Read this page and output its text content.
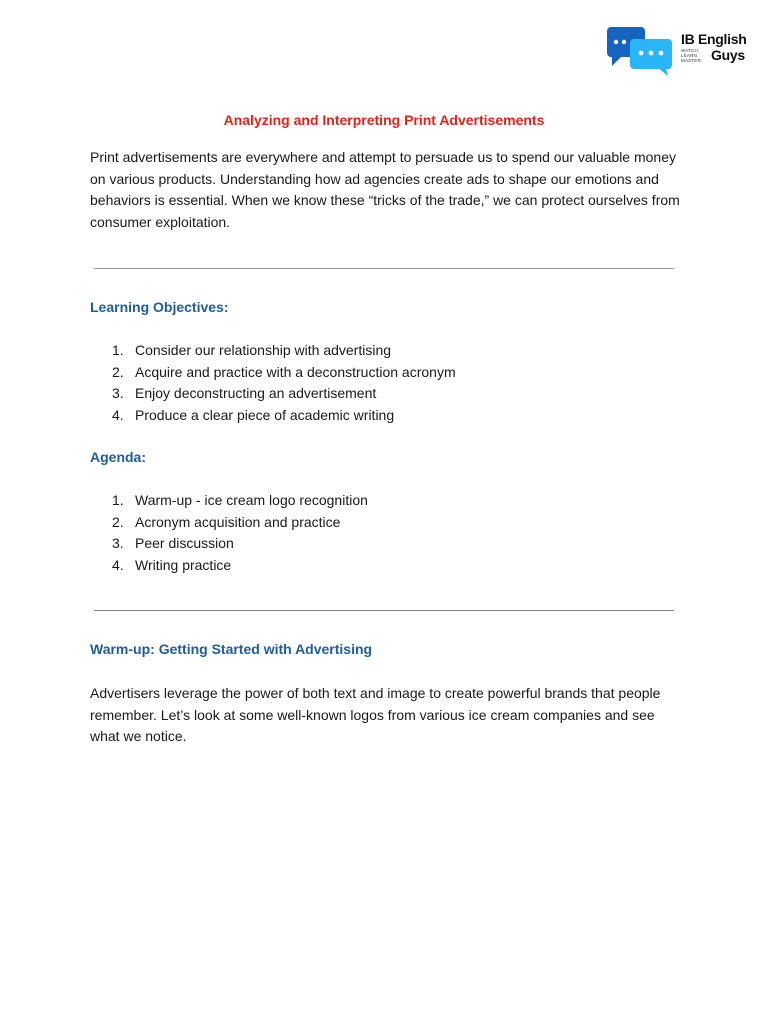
IB English
Guys
WATCH.
LEARN.
MASTER.
Analyzing and Interpreting Print Advertisements
Print advertisements are everywhere and attempt to persuade us to spend our valuable money on various products. Understanding how ad agencies create ads to shape our emotions and behaviors is essential. When we know these “tricks of the trade,” we can protect ourselves from consumer exploitation.
Learning Objectives:
1. Consider our relationship with advertising
2. Acquire and practice with a deconstruction acronym
3. Enjoy deconstructing an advertisement
4. Produce a clear piece of academic writing
Agenda:
1. Warm-up - ice cream logo recognition
2. Acronym acquisition and practice
3. Peer discussion
4. Writing practice
Warm-up: Getting Started with Advertising
Advertisers leverage the power of both text and image to create powerful brands that people remember. Let’s look at some well-known logos from various ice cream companies and see what we notice.
